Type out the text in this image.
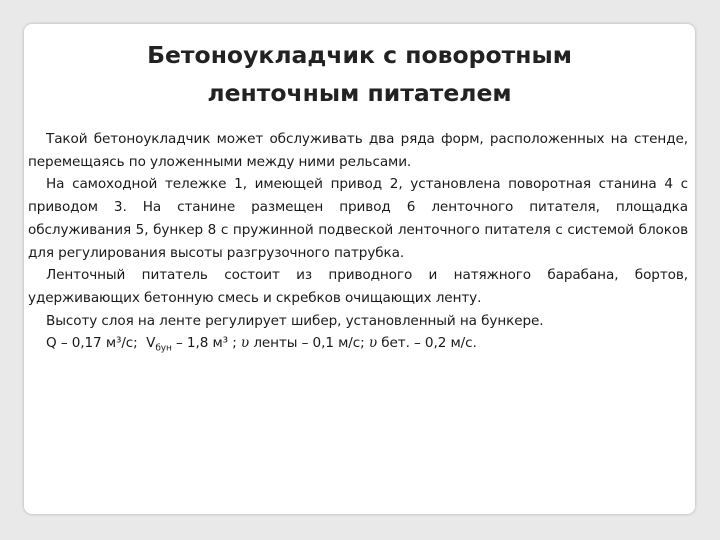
Бетоноукладчик с поворотным
ленточным питателем

Такой бетоноукладчик может обслуживать два ряда форм, расположенных на стенде, перемещаясь по уложенными между ними рельсами.

На самоходной тележке 1, имеющей привод 2, установлена поворотная станина 4 с приводом 3. На станине размещен привод 6 ленточного питателя, площадка обслуживания 5, бункер 8 с пружинной подвеской ленточного питателя с системой блоков для регулирования высоты разгрузочного патрубка.

Ленточный питатель состоит из приводного и натяжного барабана, бортов, удерживающих бетонную смесь и скребков очищающих ленту.

Высоту слоя на ленте регулирует шибер, установленный на бункере.

Q – 0,17 м³/с; $V_{бун} - 1,8$ м³ ; υ ленты – 0,1 м/с; υ бет. – 0,2 м/с.
